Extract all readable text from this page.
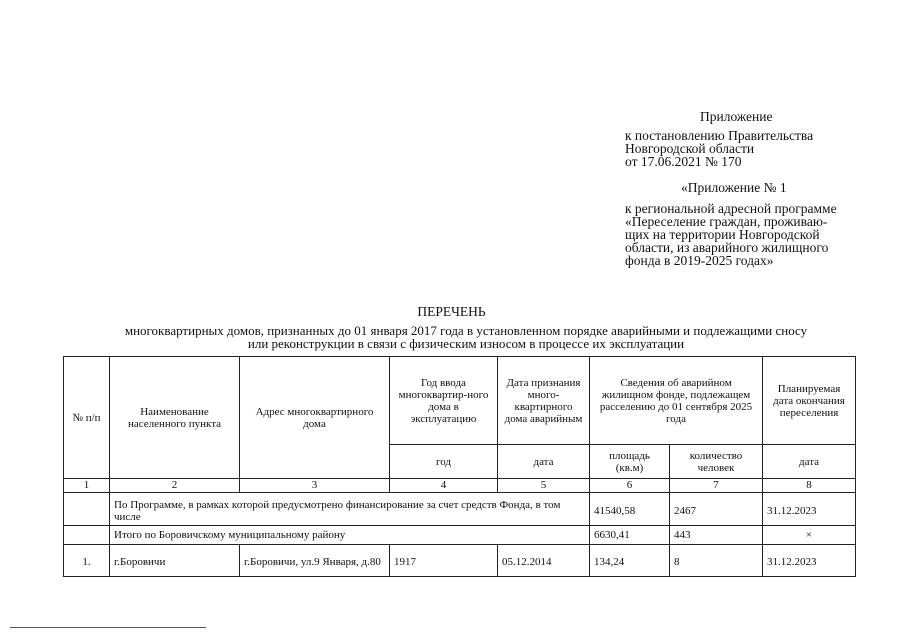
Приложение
к постановлению Правительства
Новгородской области
от 17.06.2021 № 170
«Приложение № 1
к региональной адресной программе
«Переселение граждан, проживаю-
щих на территории Новгородской
области, из аварийного жилищного
фонда в 2019-2025 годах»
ПЕРЕЧЕНЬ
многоквартирных домов, признанных до 01 января 2017 года в установленном порядке аварийными и подлежащими сносу
или реконструкции в связи с физическим износом в процессе их эксплуатации
№ п/п	Наименование населенного пункта	Адрес многоквартирного дома	Год ввода многоквартир-ного дома в эксплуатацию	Дата признания много-квартирного дома аварийным	Сведения об аварийном жилищном фонде, подлежащем расселению до 01 сентября 2025 года		Планируемая дата окончания переселения
			год	дата	площадь (кв.м)	количество человек	дата
1	2	3	4	5	6	7	8
	По Программе, в рамках которой предусмотрено финансирование за счет средств Фонда, в том числе				41540,58	2467	31.12.2023
	Итого по Боровичскому муниципальному району				6630,41	443	×
1.	г.Боровичи	г.Боровичи, ул.9 Января, д.80	1917	05.12.2014	134,24	8	31.12.2023
